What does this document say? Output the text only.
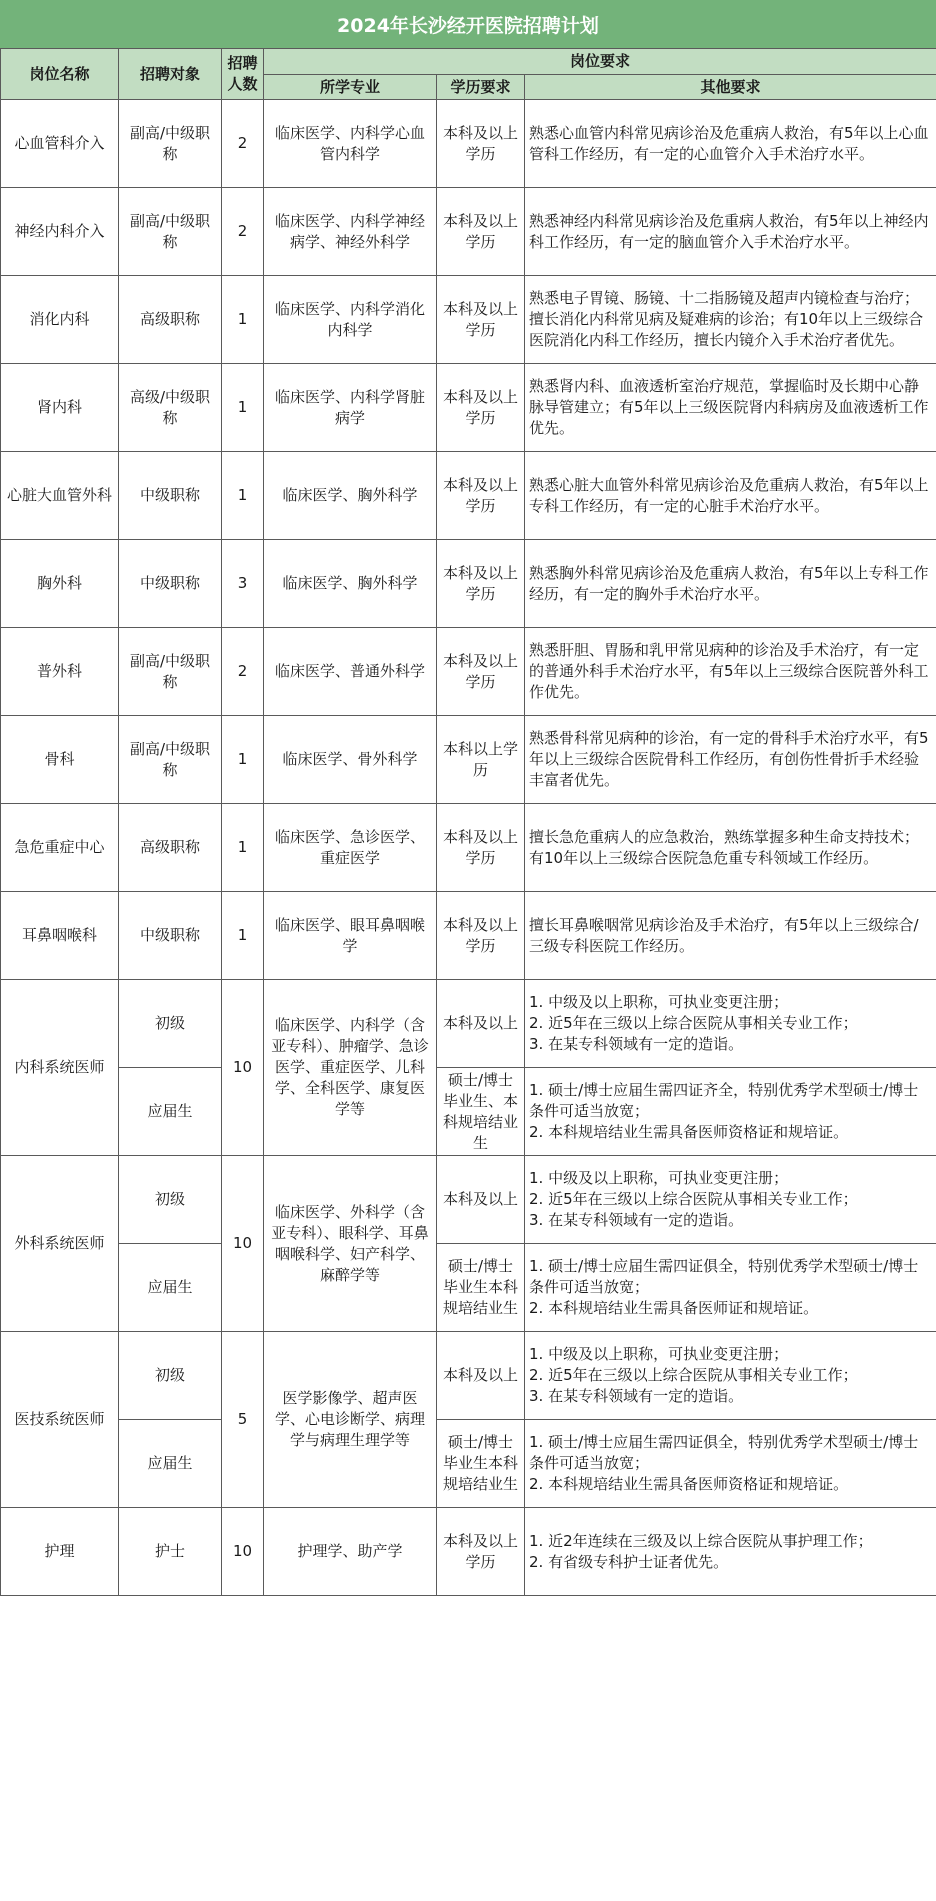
2024年长沙经开医院招聘计划
岗位名称	招聘对象	招聘人数	岗位要求		
			所学专业	学历要求	其他要求
心血管科介入	副高/中级职称	2	临床医学、内科学心血管内科学	本科及以上学历	熟悉心血管内科常见病诊治及危重病人救治，有5年以上心血管科工作经历，有一定的心血管介入手术治疗水平。
神经内科介入	副高/中级职称	2	临床医学、内科学神经病学、神经外科学	本科及以上学历	熟悉神经内科常见病诊治及危重病人救治，有5年以上神经内科工作经历，有一定的脑血管介入手术治疗水平。
消化内科	高级职称	1	临床医学、内科学消化内科学	本科及以上学历	熟悉电子胃镜、肠镜、十二指肠镜及超声内镜检查与治疗；擅长消化内科常见病及疑难病的诊治；有10年以上三级综合医院消化内科工作经历，擅长内镜介入手术治疗者优先。
肾内科	高级/中级职称	1	临床医学、内科学肾脏病学	本科及以上学历	熟悉肾内科、血液透析室治疗规范，掌握临时及长期中心静脉导管建立；有5年以上三级医院肾内科病房及血液透析工作优先。
心脏大血管外科	中级职称	1	临床医学、胸外科学	本科及以上学历	熟悉心脏大血管外科常见病诊治及危重病人救治，有5年以上专科工作经历，有一定的心脏手术治疗水平。
胸外科	中级职称	3	临床医学、胸外科学	本科及以上学历	熟悉胸外科常见病诊治及危重病人救治，有5年以上专科工作经历，有一定的胸外手术治疗水平。
普外科	副高/中级职称	2	临床医学、普通外科学	本科及以上学历	熟悉肝胆、胃肠和乳甲常见病种的诊治及手术治疗，有一定的普通外科手术治疗水平，有5年以上三级综合医院普外科工作优先。
骨科	副高/中级职称	1	临床医学、骨外科学	本科以上学历	熟悉骨科常见病种的诊治，有一定的骨科手术治疗水平，有5年以上三级综合医院骨科工作经历，有创伤性骨折手术经验丰富者优先。
急危重症中心	高级职称	1	临床医学、急诊医学、重症医学	本科及以上学历	擅长急危重病人的应急救治，熟练掌握多种生命支持技术；有10年以上三级综合医院急危重专科领域工作经历。
耳鼻咽喉科	中级职称	1	临床医学、眼耳鼻咽喉学	本科及以上学历	擅长耳鼻喉咽常见病诊治及手术治疗，有5年以上三级综合/三级专科医院工作经历。
内科系统医师	初级	10	临床医学、内科学（含亚专科）、肿瘤学、急诊医学、重症医学、儿科学、全科医学、康复医学等	本科及以上	1. 中级及以上职称，可执业变更注册；
2. 近5年在三级以上综合医院从事相关专业工作；
3. 在某专科领域有一定的造诣。

	应届生			硕士/博士毕业生、本科规培结业生	1. 硕士/博士应届生需四证齐全，特别优秀学术型硕士/博士条件可适当放宽；
2. 本科规培结业生需具备医师资格证和规培证。

外科系统医师	初级	10	临床医学、外科学（含亚专科）、眼科学、耳鼻咽喉科学、妇产科学、麻醉学等	本科及以上	1. 中级及以上职称，可执业变更注册；
2. 近5年在三级以上综合医院从事相关专业工作；
3. 在某专科领域有一定的造诣。

	应届生			硕士/博士毕业生本科规培结业生	1. 硕士/博士应届生需四证俱全，特别优秀学术型硕士/博士条件可适当放宽；
2. 本科规培结业生需具备医师证和规培证。

医技系统医师	初级	5	医学影像学、超声医学、心电诊断学、病理学与病理生理学等	本科及以上	1. 中级及以上职称，可执业变更注册；
2. 近5年在三级以上综合医院从事相关专业工作；
3. 在某专科领域有一定的造诣。

	应届生			硕士/博士毕业生本科规培结业生	1. 硕士/博士应届生需四证俱全，特别优秀学术型硕士/博士条件可适当放宽；
2. 本科规培结业生需具备医师资格证和规培证。

护理	护士	10	护理学、助产学	本科及以上学历	1. 近2年连续在三级及以上综合医院从事护理工作；
2. 有省级专科护士证者优先。
